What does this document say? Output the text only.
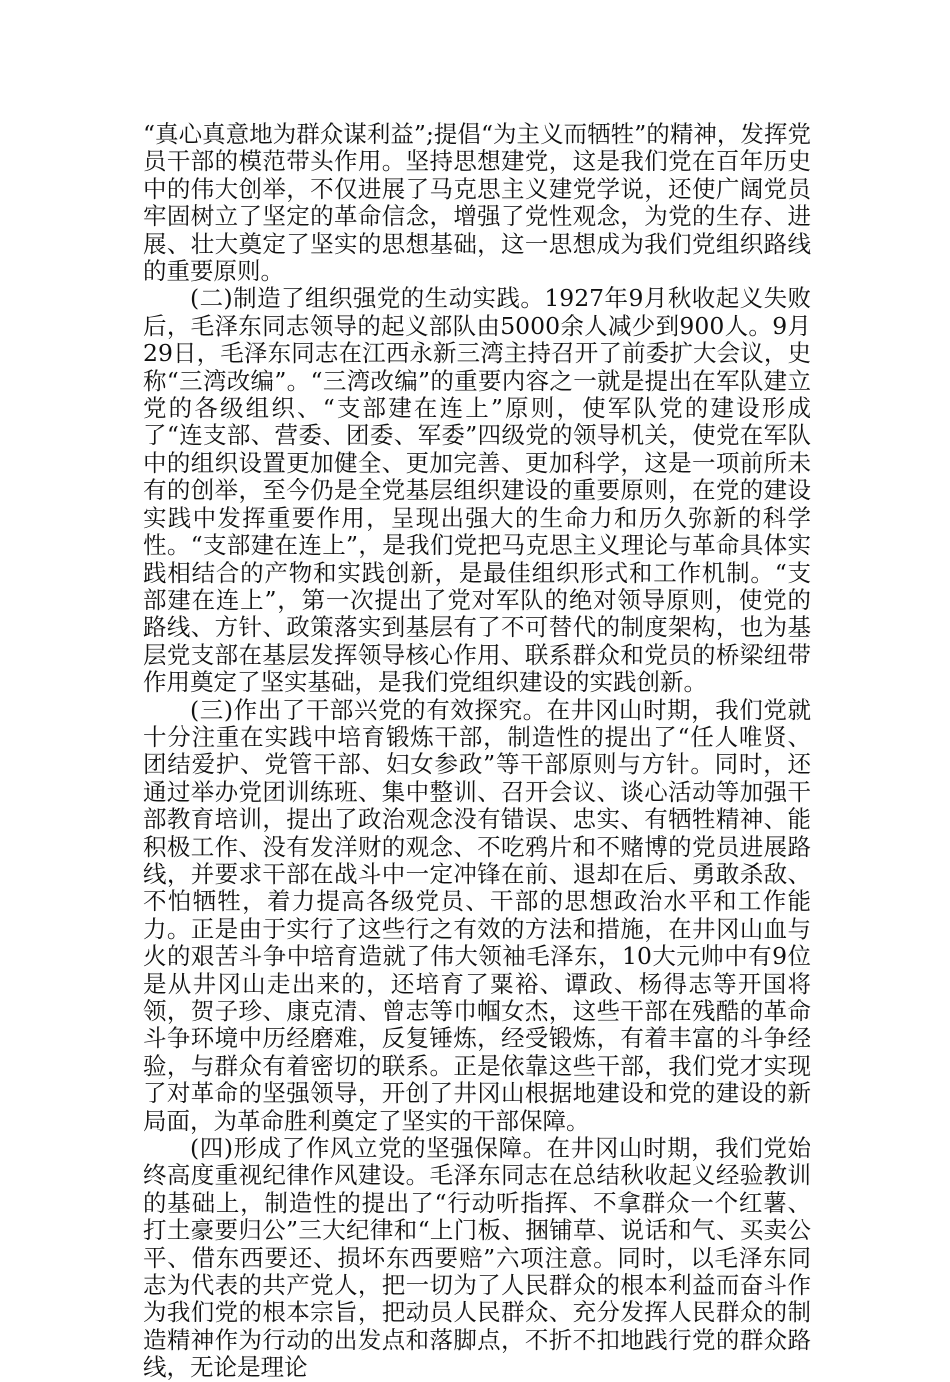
“真心真意地为群众谋利益”;提倡“为主义而牺牲”的精神，发挥党员干部的模范带头作用。坚持思想建党，这是我们党在百年历史中的伟大创举，不仅进展了马克思主义建党学说，还使广阔党员牢固树立了坚定的革命信念，增强了党性观念，为党的生存、进展、壮大奠定了坚实的思想基础，这一思想成为我们党组织路线的重要原则。

(二)制造了组织强党的生动实践。1927年9月秋收起义失败后，毛泽东同志领导的起义部队由5000余人减少到900人。9月29日，毛泽东同志在江西永新三湾主持召开了前委扩大会议，史称“三湾改编”。“三湾改编”的重要内容之一就是提出在军队建立党的各级组织、“支部建在连上”原则，使军队党的建设形成了“连支部、营委、团委、军委”四级党的领导机关，使党在军队中的组织设置更加健全、更加完善、更加科学，这是一项前所未有的创举，至今仍是全党基层组织建设的重要原则，在党的建设实践中发挥重要作用，呈现出强大的生命力和历久弥新的科学性。“支部建在连上”，是我们党把马克思主义理论与革命具体实践相结合的产物和实践创新，是最佳组织形式和工作机制。“支部建在连上”，第一次提出了党对军队的绝对领导原则，使党的路线、方针、政策落实到基层有了不可替代的制度架构，也为基层党支部在基层发挥领导核心作用、联系群众和党员的桥梁纽带作用奠定了坚实基础，是我们党组织建设的实践创新。

(三)作出了干部兴党的有效探究。在井冈山时期，我们党就十分注重在实践中培育锻炼干部，制造性的提出了“任人唯贤、团结爱护、党管干部、妇女参政”等干部原则与方针。同时，还通过举办党团训练班、集中整训、召开会议、谈心活动等加强干部教育培训，提出了政治观念没有错误、忠实、有牺牲精神、能积极工作、没有发洋财的观念、不吃鸦片和不赌博的党员进展路线，并要求干部在战斗中一定冲锋在前、退却在后、勇敢杀敌、不怕牺牲，着力提高各级党员、干部的思想政治水平和工作能力。正是由于实行了这些行之有效的方法和措施，在井冈山血与火的艰苦斗争中培育造就了伟大领袖毛泽东，10大元帅中有9位是从井冈山走出来的，还培育了粟裕、谭政、杨得志等开国将领，贺子珍、康克清、曾志等巾帼女杰，这些干部在残酷的革命斗争环境中历经磨难，反复锤炼，经受锻炼，有着丰富的斗争经验，与群众有着密切的联系。正是依靠这些干部，我们党才实现了对革命的坚强领导，开创了井冈山根据地建设和党的建设的新局面，为革命胜利奠定了坚实的干部保障。

(四)形成了作风立党的坚强保障。在井冈山时期，我们党始终高度重视纪律作风建设。毛泽东同志在总结秋收起义经验教训的基础上，制造性的提出了“行动听指挥、不拿群众一个红薯、打土豪要归公”三大纪律和“上门板、捆铺草、说话和气、买卖公平、借东西要还、损坏东西要赔”六项注意。同时，以毛泽东同志为代表的共产党人，把一切为了人民群众的根本利益而奋斗作为我们党的根本宗旨，把动员人民群众、充分发挥人民群众的制造精神作为行动的出发点和落脚点，不折不扣地践行党的群众路线，无论是理论
